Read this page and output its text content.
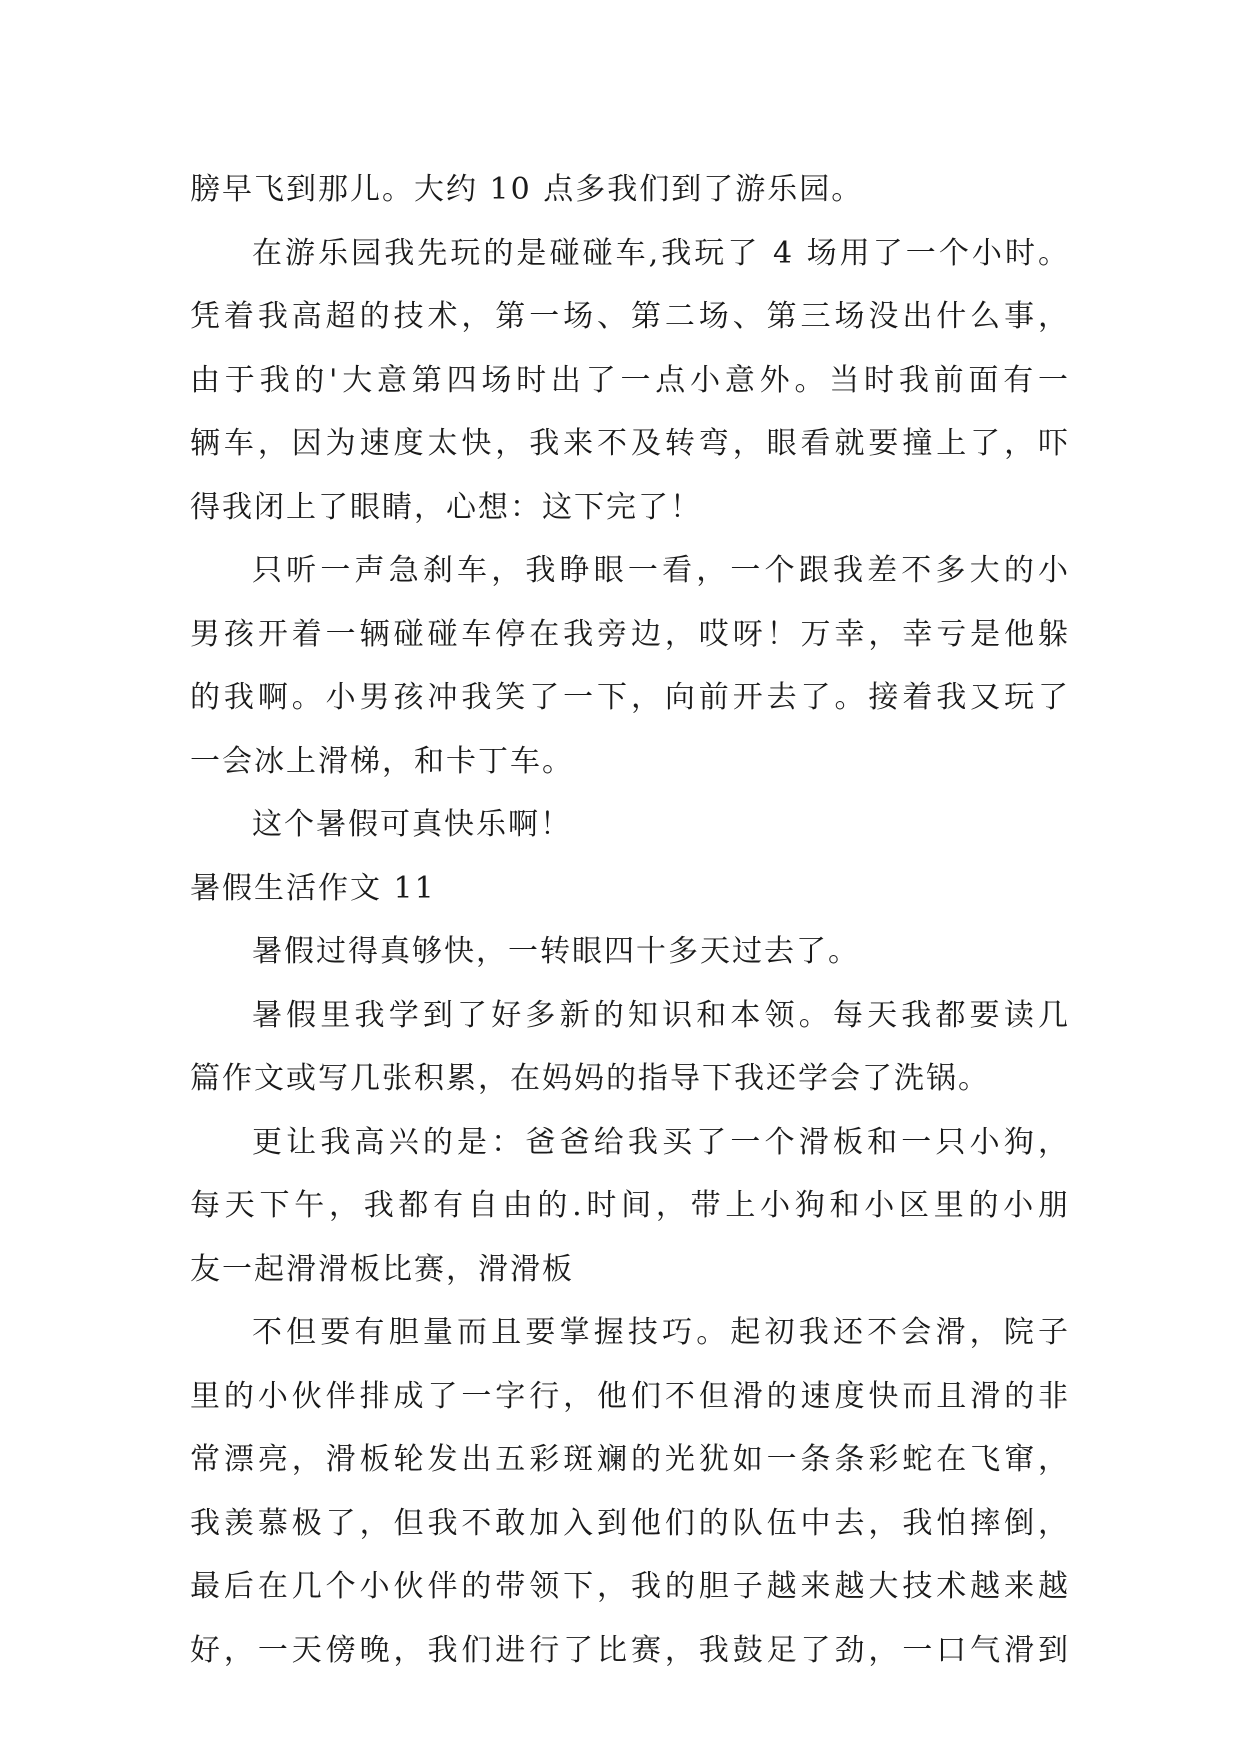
膀早飞到那儿。大约 10 点多我们到了游乐园。
在游乐园我先玩的是碰碰车,我玩了 4 场用了一个小时。
凭着我高超的技术，第一场、第二场、第三场没出什么事，
由于我的'大意第四场时出了一点小意外。当时我前面有一
辆车，因为速度太快，我来不及转弯，眼看就要撞上了，吓
得我闭上了眼睛，心想：这下完了！
只听一声急刹车，我睁眼一看，一个跟我差不多大的小
男孩开着一辆碰碰车停在我旁边，哎呀！万幸，幸亏是他躲
的我啊。小男孩冲我笑了一下，向前开去了。接着我又玩了
一会冰上滑梯，和卡丁车。
这个暑假可真快乐啊！
暑假生活作文 11
暑假过得真够快，一转眼四十多天过去了。
暑假里我学到了好多新的知识和本领。每天我都要读几
篇作文或写几张积累，在妈妈的指导下我还学会了洗锅。
更让我高兴的是：爸爸给我买了一个滑板和一只小狗，
每天下午，我都有自由的.时间，带上小狗和小区里的小朋
友一起滑滑板比赛，滑滑板
不但要有胆量而且要掌握技巧。起初我还不会滑，院子
里的小伙伴排成了一字行，他们不但滑的速度快而且滑的非
常漂亮，滑板轮发出五彩斑斓的光犹如一条条彩蛇在飞窜，
我羡慕极了，但我不敢加入到他们的队伍中去，我怕摔倒，
最后在几个小伙伴的带领下，我的胆子越来越大技术越来越
好，一天傍晚，我们进行了比赛，我鼓足了劲，一口气滑到
